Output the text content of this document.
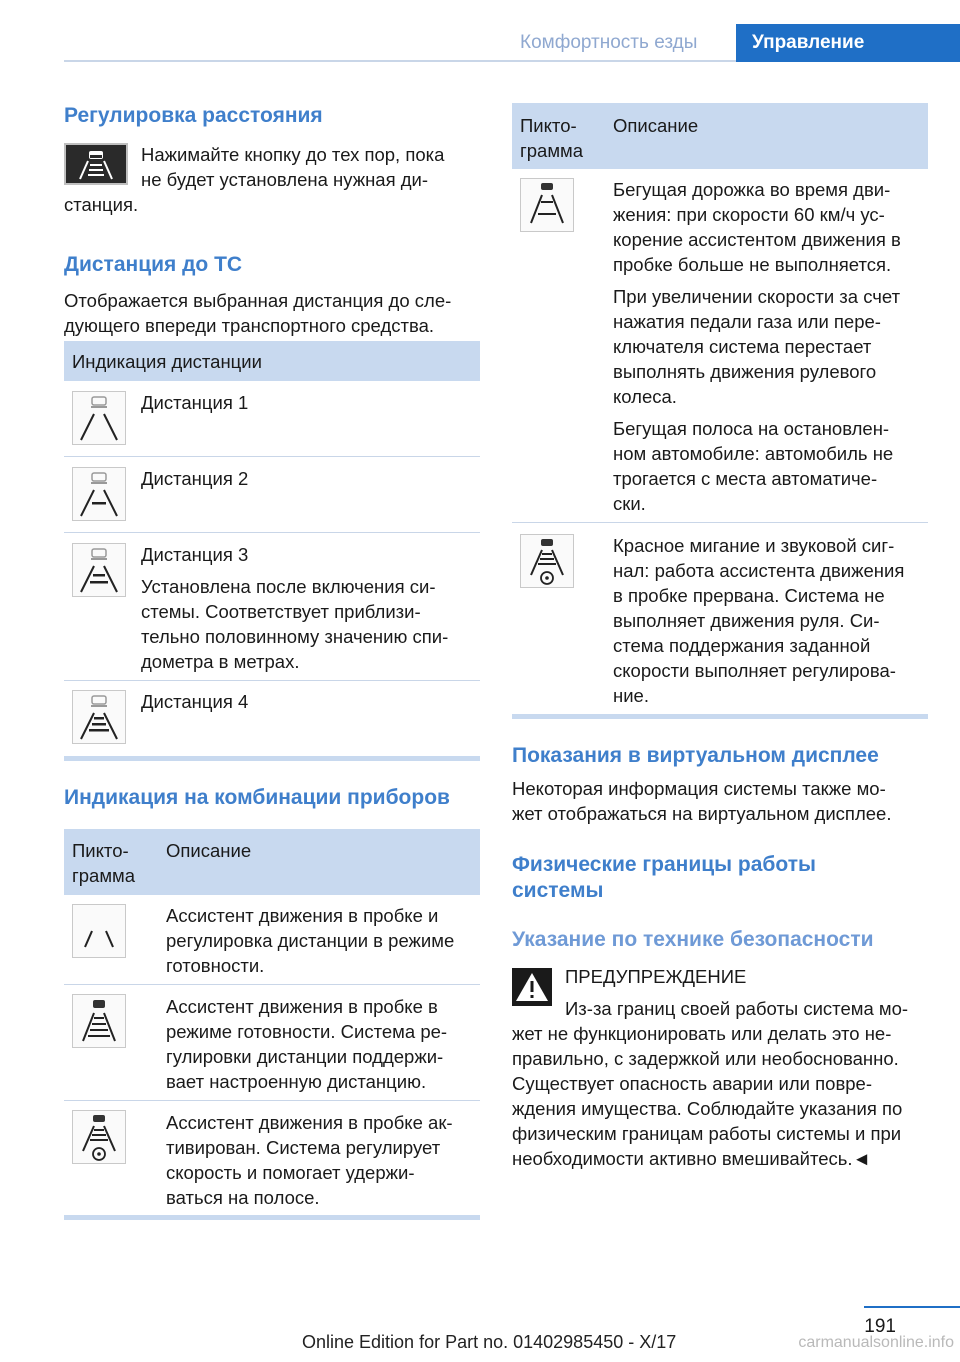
Комфортность езды	Управление
Регулировка расстояния
Нажимайте кнопку до тех пор, пока
не будет установлена нужная ди-
станция.
Дистанция до ТС
Отображается выбранная дистанция до сле-
дующего впереди транспортного средства.
Индикация дистанции
Дистанция 1
Дистанция 2
Дистанция 3
Установлена после включения си-
стемы. Соответствует приблизи-
тельно половинному значению спи-
дометра в метрах.
Дистанция 4
Индикация на комбинации приборов
Пикто-
грамма
Описание
Ассистент движения в пробке и
регулировка дистанции в режиме
готовности.
Ассистент движения в пробке в
режиме готовности. Система ре-
гулировки дистанции поддержи-
вает настроенную дистанцию.
Ассистент движения в пробке ак-
тивирован. Система регулирует
скорость и помогает удержи-
ваться на полосе.
Пикто-
грамма
Описание
Бегущая дорожка во время дви-
жения: при скорости 60 км/ч ус-
корение ассистентом движения в
пробке больше не выполняется.
При увеличении скорости за счет
нажатия педали газа или пере-
ключателя система перестает
выполнять движения рулевого
колеса.
Бегущая полоса на остановлен-
ном автомобиле: автомобиль не
трогается с места автоматиче-
ски.
Красное мигание и звуковой сиг-
нал: работа ассистента движения
в пробке прервана. Система не
выполняет движения руля. Си-
стема поддержания заданной
скорости выполняет регулирова-
ние.
Показания в виртуальном дисплее
Некоторая информация системы также мо-
жет отображаться на виртуальном дисплее.
Физические границы работы
системы
Указание по технике безопасности
ПРЕДУПРЕЖДЕНИЕ
Из-за границ своей работы система мо-
жет не функционировать или делать это не-
правильно, с задержкой или необоснованно.
Существует опасность аварии или повре-
ждения имущества. Соблюдайте указания по
физическим границам работы системы и при
необходимости активно вмешивайтесь.◄
191
Online Edition for Part no. 01402985450 - X/17	carmanualsonline.info
